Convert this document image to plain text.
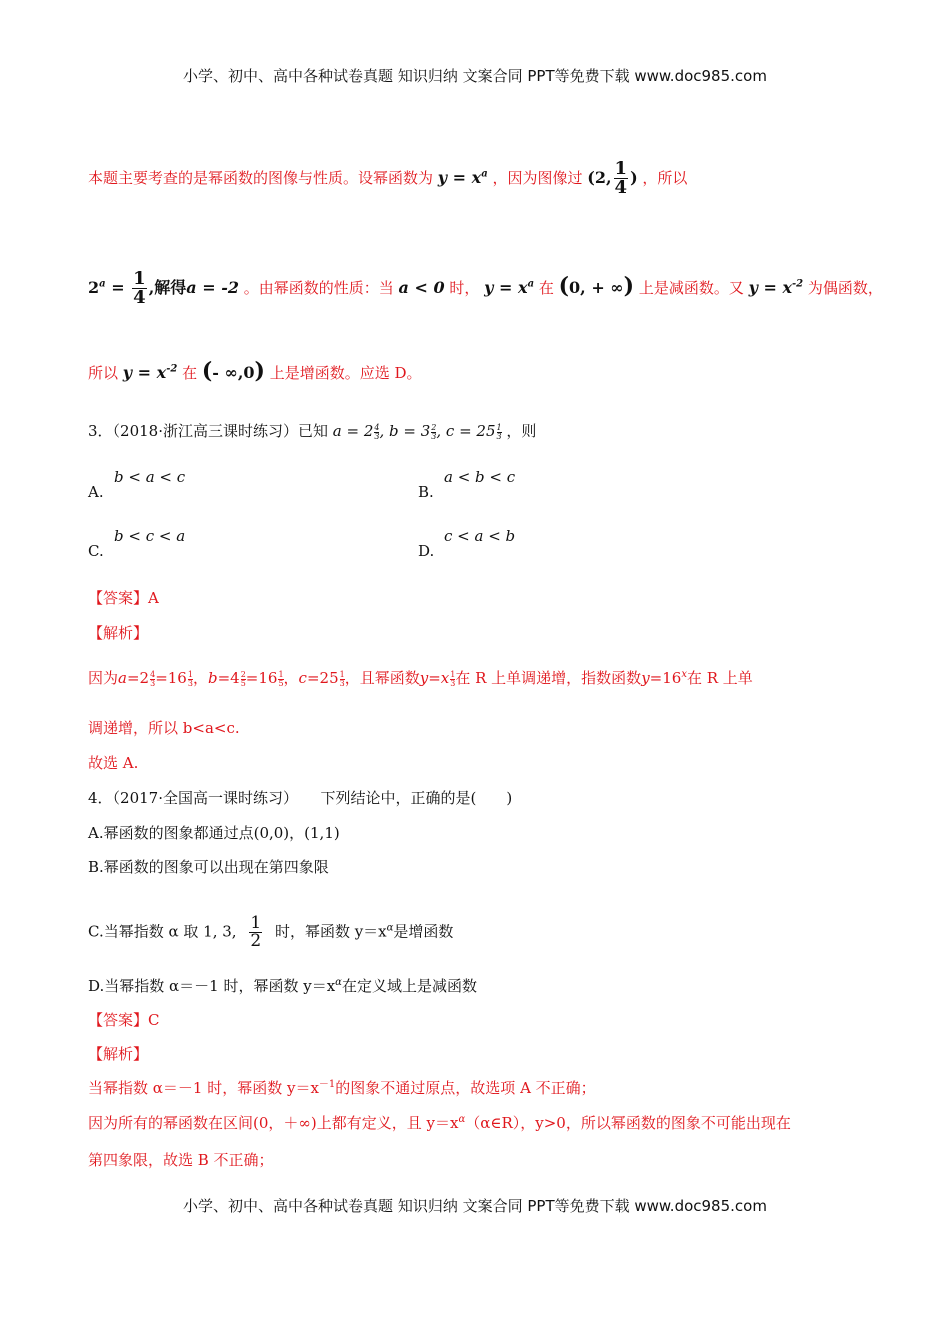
小学、初中、高中各种试卷真题 知识归纳 文案合同 PPT等免费下载 www.doc985.com
本题主要考查的是幂函数的图像与性质。设幂函数为 $y = x^a$ ，因为图像过 (2, $\frac{1}{4}$ ) ，所以
$2^a = \frac{1}{4}$ ,解得a = -2 。由幂函数的性质：当 a < 0 时， $y = x^a$ 在 (0, + ∞) 上是减函数。又 $y = x^{-2}$ 为偶函数，
所以 $y = x^{-2}$ 在 (- ∞,0) 上是增函数。应选 D。
3．（2018·浙江高三课时练习）已知 $a = 2 \frac{4}{3}$ , $b = 3 \frac{2}{3}$ , $c = 25 \frac{1}{3}$ ，则
A.
b < a < c
B.
a < b < c
C.
b < c < a
D.
c < a < b
【答案】A
【解析】
因为$a=2 \frac{4}{3} =16 \frac{1}{3}$ ，$b=4 \frac{2}{5} =16 \frac{1}{5}$ ，$c=25 \frac{1}{3}$ ，且幂函数$y=x \frac{1}{3}$ 在 R 上单调递增，指数函数$y=16^x$在 R 上单
调递增，所以 b<a<c.
故选 A.
4．（2017·全国高一课时练习）　　下列结论中，正确的是(　　)
A.幂函数的图象都通过点(0,0)，(1,1)
B.幂函数的图象可以出现在第四象限
C.当幂指数 α 取 1, 3, $\frac{1}{2}$ 时，幂函数 $y=x^\alpha$是增函数
D.当幂指数 α＝－1 时，幂函数 $y=x^\alpha$在定义域上是减函数
【答案】C
【解析】
当幂指数 α＝－1 时，幂函数 $y=x^{-1}$的图象不通过原点，故选项 A 不正确；
因为所有的幂函数在区间(0，＋∞)上都有定义，且 $y=x^\alpha(\alpha\in R)$，y>0，所以幂函数的图象不可能出现在
第四象限，故选 B 不正确；
小学、初中、高中各种试卷真题 知识归纳 文案合同 PPT等免费下载 www.doc985.com
